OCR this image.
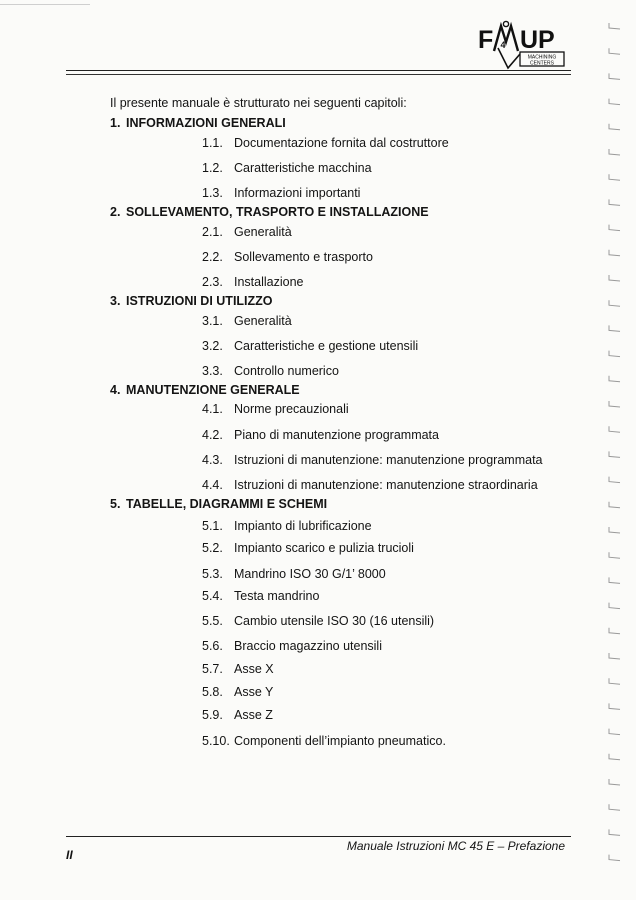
F 4 UP
MACHINING
CENTERS
Il presente manuale è strutturato nei seguenti capitoli:
1. INFORMAZIONI GENERALI
1.1. Documentazione fornita dal costruttore
1.2. Caratteristiche macchina
1.3. Informazioni importanti
2. SOLLEVAMENTO, TRASPORTO E INSTALLAZIONE
2.1. Generalità
2.2. Sollevamento e trasporto
2.3. Installazione
3. ISTRUZIONI DI UTILIZZO
3.1. Generalità
3.2. Caratteristiche e gestione utensili
3.3. Controllo numerico
4. MANUTENZIONE GENERALE
4.1. Norme precauzionali
4.2. Piano di manutenzione programmata
4.3. Istruzioni di manutenzione: manutenzione programmata
4.4. Istruzioni di manutenzione: manutenzione straordinaria
5. TABELLE, DIAGRAMMI E SCHEMI
5.1. Impianto di lubrificazione
5.2. Impianto scarico e pulizia trucioli
5.3. Mandrino ISO 30 G/1’ 8000
5.4. Testa mandrino
5.5. Cambio utensile ISO 30 (16 utensili)
5.6. Braccio magazzino utensili
5.7. Asse X
5.8. Asse Y
5.9. Asse Z
5.10. Componenti dell’impianto pneumatico.
II
Manuale Istruzioni MC 45 E – Prefazione
